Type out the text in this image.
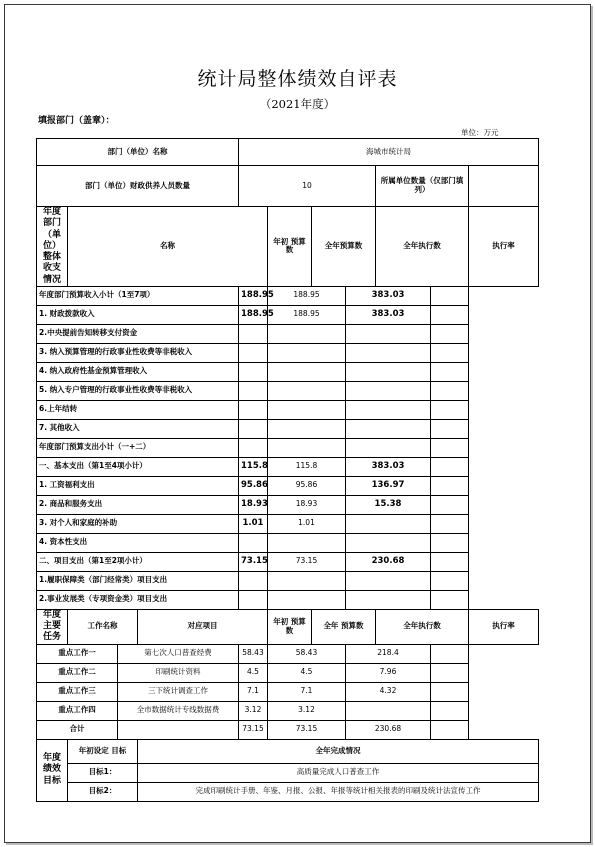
统计局整体绩效自评表
（2021年度）
填报部门（盖章）：
单位：万元
部门（单位）名称				海城市统计局						
部门（单位）财政供养人员数量				10				所属单位数量（仅部门填列）		
年度部门（单位）整体收支情况	名称				年初 预算数	全年预算数		全年执行数		执行率
年度部门预算收入小计（1至7项）				188.95	188.95		383.03			
1. 财政拨款收入				188.95	188.95		383.03			
2.中央提前告知转移支付资金										
3. 纳入预算管理的行政事业性收费等非税收入										
4. 纳入政府性基金预算管理收入										
5. 纳入专户管理的行政事业性收费等非税收入										
6.上年结转										
7. 其他收入										
年度部门预算支出小计（一+二）										
一、基本支出（第1至4项小计）				115.8	115.8		383.03			
1. 工资福利支出				95.86	95.86		136.97			
2. 商品和服务支出				18.93	18.93		15.38			
3. 对个人和家庭的补助				1.01	1.01					
4. 资本性支出										
二、项目支出（第1至2项小计）				73.15	73.15		230.68			
1.履职保障类（部门经常类）项目支出										
2.事业发展类（专项资金类）项目支出										
年度主要任务	工作名称		对应项目		年初 预算数	全年 预算数		全年执行数		执行率
重点工作一		第七次人口普查经费		58.43	58.43		218.4			
重点工作二		印刷统计资料		4.5	4.5		7.96			
重点工作三		三下统计调查工作		7.1	7.1		4.32			
重点工作四		全市数据统计专线数据费		3.12	3.12					
合计				73.15	73.15		230.68			
年度绩效目标	年初设定 目标		全年完成情况							
	目标1：		高质量完成人口普查工作							
	目标2：		完成印刷统计手册、年鉴、月报、公报、年报等统计相关报表的印刷及统计法宣传工作							
